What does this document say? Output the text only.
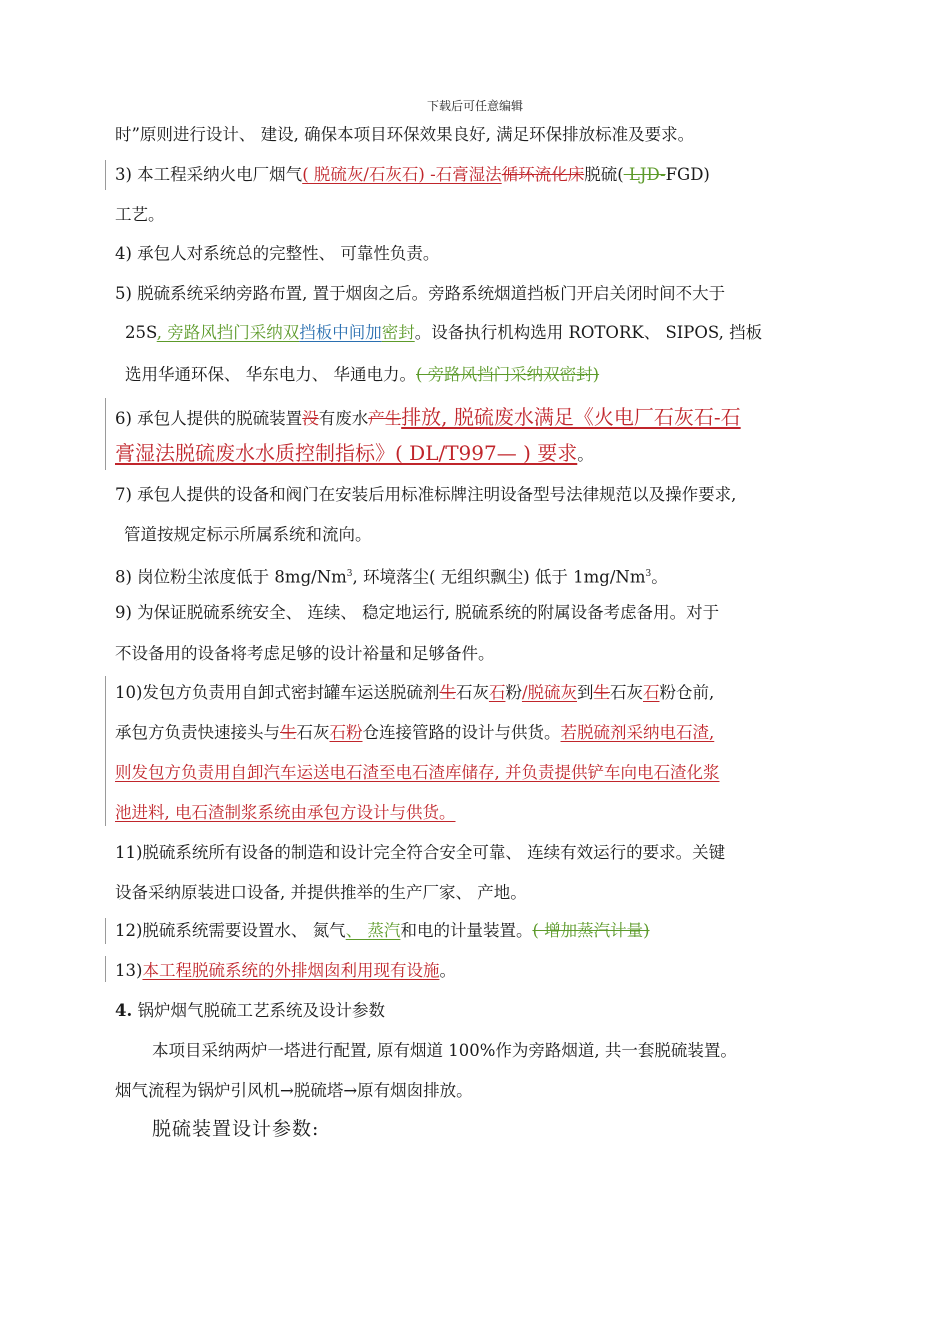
下载后可任意编辑
时”原则进行设计、 建设, 确保本项目环保效果良好, 满足环保排放标准及要求。
3) 本工程采纳火电厂烟气( 脱硫灰/石灰石) -石膏湿法循环流化床脱硫( LJD-FGD)
工艺。
4) 承包人对系统总的完整性、 可靠性负责。
5) 脱硫系统采纳旁路布置, 置于烟囱之后。旁路系统烟道挡板门开启关闭时间不大于
25S, 旁路风挡门采纳双挡板中间加密封。设备执行机构选用 ROTORK、 SIPOS, 挡板
选用华通环保、 华东电力、 华通电力。( 旁路风挡门采纳双密封)
6) 承包人提供的脱硫装置没有废水产生排放, 脱硫废水满足《火电厂石灰石-石
膏湿法脱硫废水水质控制指标》( DL/T997— ) 要求。
7) 承包人提供的设备和阀门在安装后用标准标牌注明设备型号法律规范以及操作要求,
管道按规定标示所属系统和流向。
8) 岗位粉尘浓度低于 8mg/Nm$^3$, 环境落尘( 无组织飘尘) 低于 1mg/Nm$^3$。
9) 为保证脱硫系统安全、 连续、 稳定地运行, 脱硫系统的附属设备考虑备用。对于
不设备用的设备将考虑足够的设计裕量和足够备件。
10)发包方负责用自卸式密封罐车运送脱硫剂生石灰石粉/脱硫灰到生石灰石粉仓前,
承包方负责快速接头与生石灰石粉仓连接管路的设计与供货。若脱硫剂采纳电石渣,
则发包方负责用自卸汽车运送电石渣至电石渣库储存, 并负责提供铲车向电石渣化浆
池进料, 电石渣制浆系统由承包方设计与供货。
11)脱硫系统所有设备的制造和设计完全符合安全可靠、 连续有效运行的要求。关键
设备采纳原装进口设备, 并提供推举的生产厂家、 产地。
12)脱硫系统需要设置水、 氮气、 蒸汽和电的计量装置。( 增加蒸汽计量)
13)本工程脱硫系统的外排烟囱利用现有设施。
4. 锅炉烟气脱硫工艺系统及设计参数
本项目采纳两炉一塔进行配置, 原有烟道 100%作为旁路烟道, 共一套脱硫装置。
烟气流程为锅炉引风机→脱硫塔→原有烟囱排放。
脱硫装置设计参数:
